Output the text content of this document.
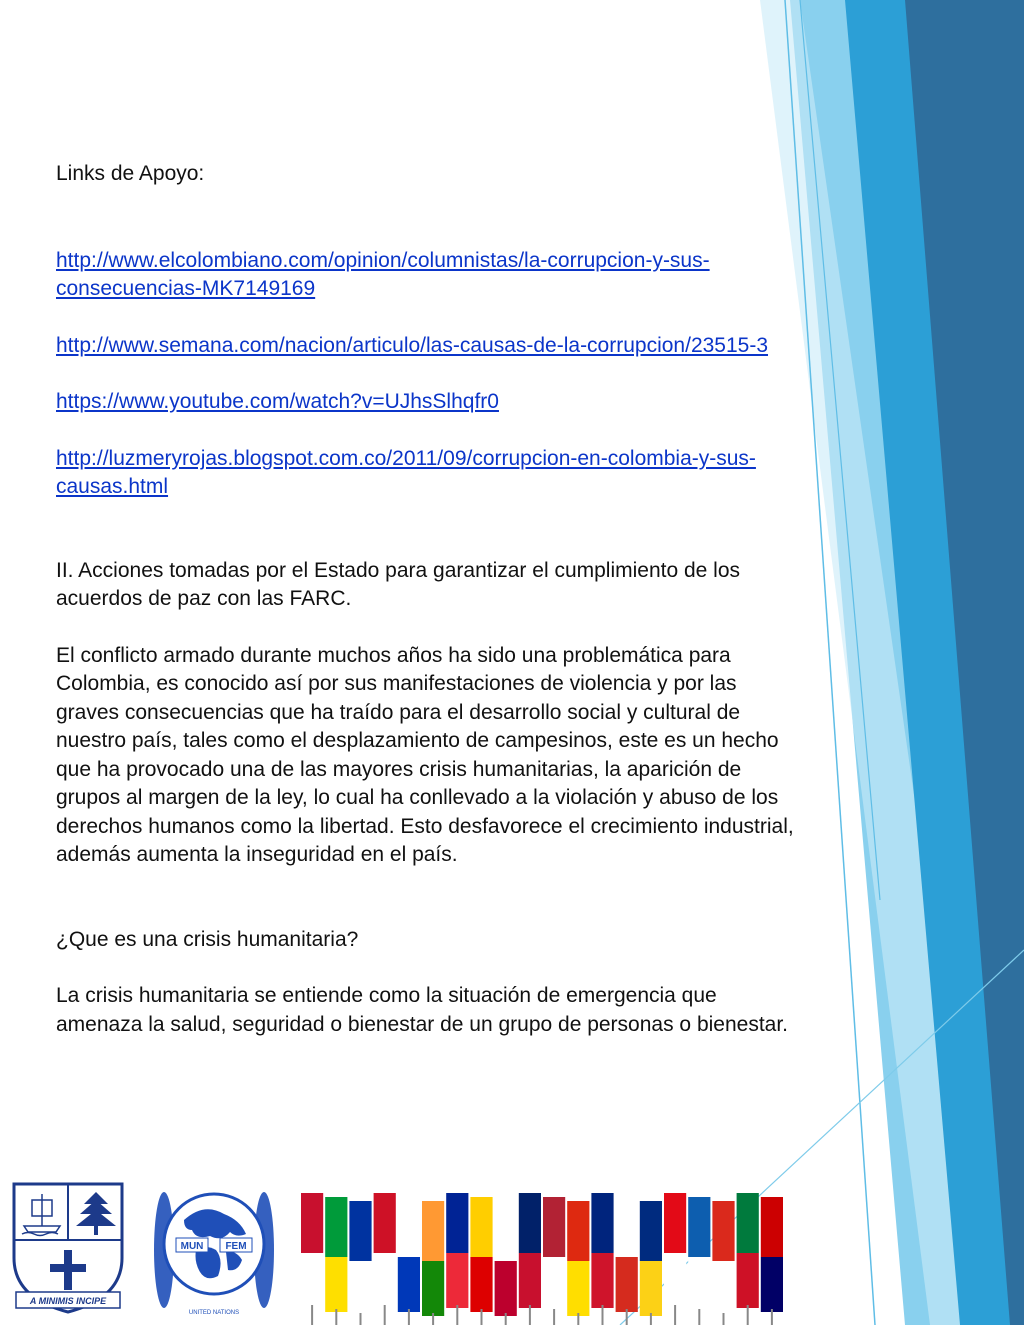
Links de Apoyo:

http://www.elcolombiano.com/opinion/columnistas/la-corrupcion-y-sus-
consecuencias-MK7149169
http://www.semana.com/nacion/articulo/las-causas-de-la-corrupcion/23515-3
https://www.youtube.com/watch?v=UJhsSlhqfr0
http://luzmeryrojas.blogspot.com.co/2011/09/corrupcion-en-colombia-y-sus-
causas.html

II. Acciones tomadas por el Estado para garantizar el cumplimiento de los
acuerdos de paz con las FARC.

El conflicto armado durante muchos años ha sido una problemática para
Colombia, es conocido así por sus manifestaciones de violencia y por las
graves consecuencias que ha traído para el desarrollo social y cultural de
nuestro país, tales como el desplazamiento de campesinos, este es un hecho
que ha provocado una de las mayores crisis humanitarias, la aparición de
grupos al margen de la ley, lo cual ha conllevado a la violación y abuso de los
derechos humanos como la libertad. Esto desfavorece el crecimiento industrial,
además aumenta la inseguridad en el país.

¿Que es una crisis humanitaria?

La crisis humanitaria se entiende como la situación de emergencia que
amenaza la salud, seguridad o bienestar de un grupo de personas o bienestar.

A MINIMIS INCIPE
MUN FEM
UNITED NATIONS
